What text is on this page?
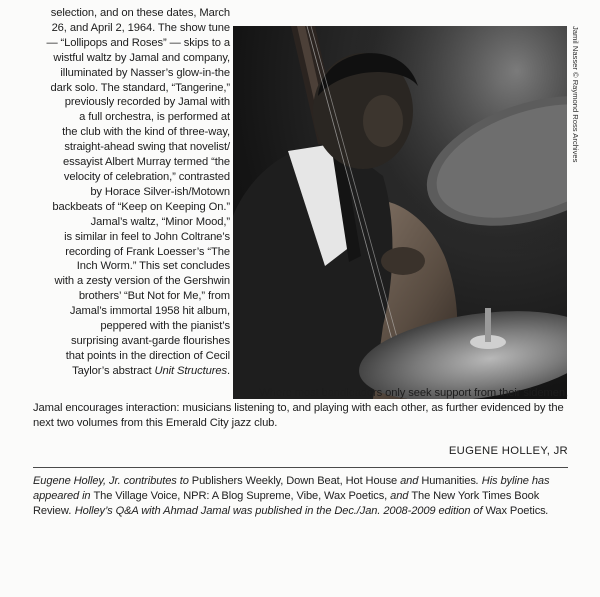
selection, and on these dates, March
26, and April 2, 1964. The show tune
— “Lollipops and Roses” — skips to a
wistful waltz by Jamal and company,
illuminated by Nasser’s glow-in-the
dark solo. The standard, “Tangerine,”
previously recorded by Jamal with
a full orchestra, is performed at
the club with the kind of three-way,
straight-ahead swing that novelist/
essayist Albert Murray termed “the
velocity of celebration,” contrasted
by Horace Silver-ish/Motown
backbeats of “Keep on Keeping On.”

Jamal’s waltz, “Minor Mood,”
is similar in feel to John Coltrane’s
recording of Frank Loesser’s “The
Inch Worm.” This set concludes
with a zesty version of the Gershwin
brothers’ “But Not for Me,” from
Jamal’s immortal 1958 hit album,
peppered with the pianist’s
surprising avant-garde flourishes
that points in the direction of Cecil
Taylor’s abstract Unit Structures.

Jamil Nasser © Raymond Ross Archives

Where most bandleaders only seek support from their sidemen,

Jamal encourages interaction: musicians listening to, and playing with each other, as further evidenced by the next two volumes from this Emerald City jazz club.

EUGENE HOLLEY, JR
Eugene Holley, Jr. contributes to Publishers Weekly, Down Beat, Hot House and Humanities. His byline has appeared in The Village Voice, NPR: A Blog Supreme, Vibe, Wax Poetics, and The New York Times Book Review. Holley’s Q&A with Ahmad Jamal was published in the Dec./Jan. 2008-2009 edition of Wax Poetics.
